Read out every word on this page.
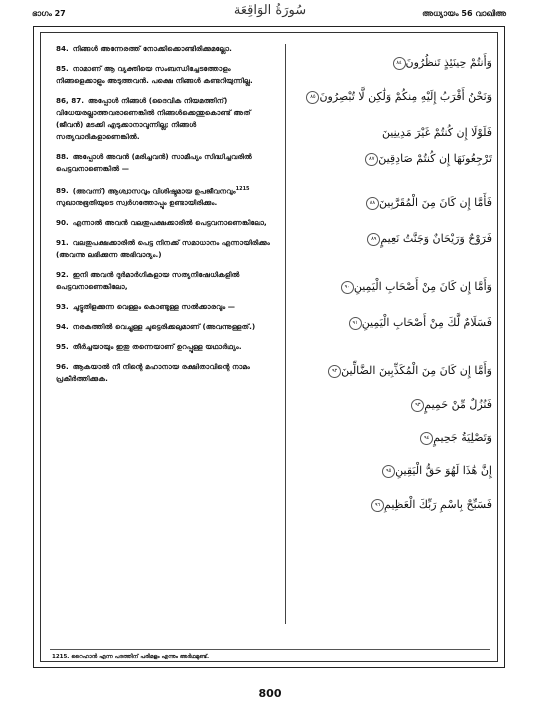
ഭാഗം 27	سُورَةُ الوَاقِعَة	അധ്യായം 56 വാഖിഅ

84. നിങ്ങൾ അന്നേരത്ത് നോക്കിക്കൊണ്ടിരിക്കുമല്ലോ.

85. നാമാണ് ആ വ്യക്തിയെ സംബന്ധിച്ചേടത്തോളം നിങ്ങളെക്കാളും അടുത്തവൻ. പക്ഷെ നിങ്ങൾ കണ്ടറിയുന്നില്ല.

86, 87. അപ്പോൾ നിങ്ങൾ (ദൈവിക നിയമത്തിന്) വിധേയരല്ലാത്തവരാണെങ്കിൽ നിങ്ങൾക്കെന്തുകൊണ്ട് അത് (ജീവൻ) മടക്കി എടുക്കാനാവുന്നില്ല; നിങ്ങൾ സത്യവാദികളാണെങ്കിൽ.

88. അപ്പോൾ അവൻ (മരിച്ചവൻ) സാമീപ്യം സിദ്ധിച്ചവരിൽ പെട്ടവനാണെങ്കിൽ —

89. (അവന്ന്) ആശ്വാസവും വിശിഷ്ടമായ ഉപജീവനവും$^{1215}$ സുഖാനുഭൂതിയുടെ സ്വർഗത്തോപ്പും ഉണ്ടായിരിക്കും.

90. എന്നാൽ അവൻ വലതുപക്ഷക്കാരിൽ പെട്ടവനാണെങ്കിലോ,

91. വലതുപക്ഷക്കാരിൽ പെട്ട നിനക്ക് സമാധാനം എന്നായിരിക്കും (അവന്നു ലഭിക്കുന്ന അഭിവാദ്യം.)

92. ഇനി അവൻ ദുർമാർഗികളായ സത്യനിഷേധികളിൽ പെട്ടവനാണെങ്കിലോ,

93. ചുട്ടുതിളക്കുന്ന വെള്ളം കൊണ്ടുള്ള സൽക്കാരവും —

94. നരകത്തിൽ വെച്ചുള്ള ചുട്ടെരിക്കലുമാണ് (അവന്നുള്ളത്.)

95. തീർച്ചയായും ഇതു തന്നെയാണ് ഉറപ്പുള്ള യഥാർഥ്യം.

96. ആകയാൽ നീ നിന്റെ മഹാനായ രക്ഷിതാവിന്റെ നാമം പ്രകീർത്തിക്കുക.

وَأَنتُمْ حِينَئِذٍ تَنظُرُونَ٨٤
وَنَحْنُ أَقْرَبُ إِلَيْهِ مِنكُمْ وَلَٰكِن لَّا تُبْصِرُونَ٨٥
فَلَوْلَا إِن كُنتُمْ غَيْرَ مَدِينِينَ
تَرْجِعُونَهَا إِن كُنتُمْ صَادِقِينَ٨٧
فَأَمَّا إِن كَانَ مِنَ الْمُقَرَّبِينَ٨٨
فَرَوْحٌ وَرَيْحَانٌ وَجَنَّتُ نَعِيمٍ٨٩
وَأَمَّا إِن كَانَ مِنْ أَصْحَابِ الْيَمِينِ٩٠
فَسَلَامٌ لَّكَ مِنْ أَصْحَابِ الْيَمِينِ٩١
وَأَمَّا إِن كَانَ مِنَ الْمُكَذِّبِينَ الضَّالِّينَ٩٢
فَنُزُلٌ مِّنْ حَمِيمٍ٩٣
وَتَصْلِيَةُ جَحِيمٍ٩٤
إِنَّ هَٰذَا لَهُوَ حَقُّ الْيَقِينِ٩٥
فَسَبِّحْ بِاسْمِ رَبِّكَ الْعَظِيمِ٩٦
1215. റൈഹാൻ എന്ന പദത്തിന് പരിമളം എന്നും അർഥമുണ്ട്.
800
